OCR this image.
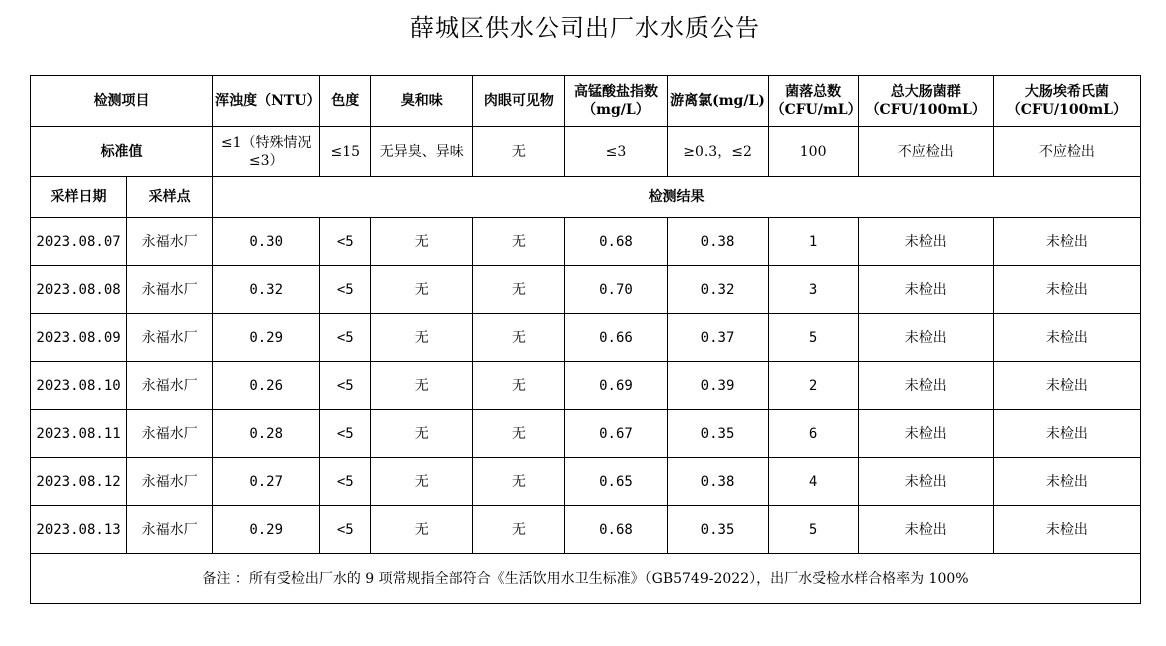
薛城区供水公司出厂水水质公告
检测项目		浑浊度（NTU）	色度	臭和味	肉眼可见物	高锰酸盐指数（mg/L）	游离氯(mg/L)	菌落总数（CFU/mL）	总大肠菌群（CFU/100mL）	大肠埃希氏菌（CFU/100mL）
标准值		≤1（特殊情况≤3）	≤15	无异臭、异味	无	≤3	≥0.3，≤2	100	不应检出	不应检出
采样日期	采样点	检测结果								
2023.08.07	永福水厂	0.30	<5	无	无	0.68	0.38	1	未检出	未检出
2023.08.08	永福水厂	0.32	<5	无	无	0.70	0.32	3	未检出	未检出
2023.08.09	永福水厂	0.29	<5	无	无	0.66	0.37	5	未检出	未检出
2023.08.10	永福水厂	0.26	<5	无	无	0.69	0.39	2	未检出	未检出
2023.08.11	永福水厂	0.28	<5	无	无	0.67	0.35	6	未检出	未检出
2023.08.12	永福水厂	0.27	<5	无	无	0.65	0.38	4	未检出	未检出
2023.08.13	永福水厂	0.29	<5	无	无	0.68	0.35	5	未检出	未检出
备注 ：所有受检出厂水的 9 项常规指全部符合《生活饮用水卫生标准》（GB5749-2022），出厂水受检水样合格率为 100%										
